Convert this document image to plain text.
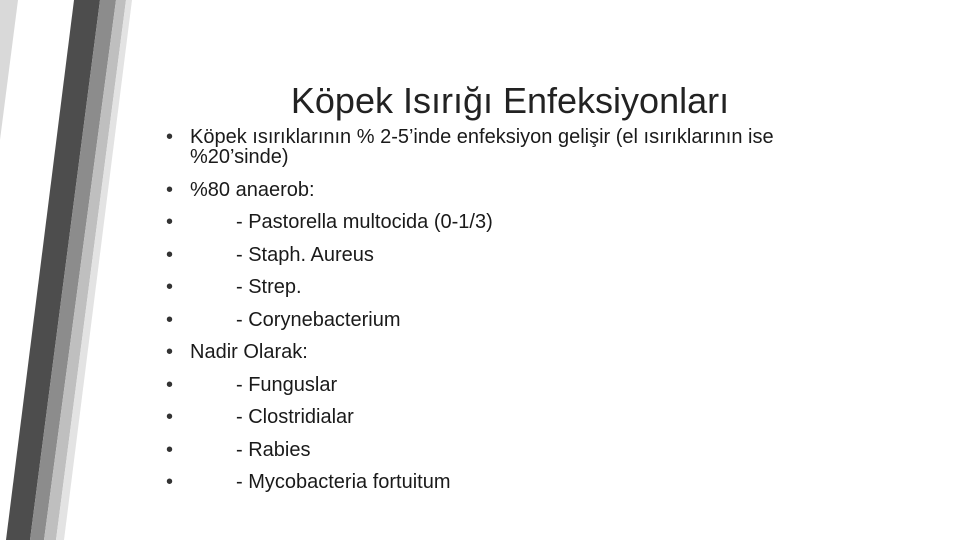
Köpek Isırığı Enfeksiyonları
• Köpek ısırıklarının % 2-5’inde enfeksiyon gelişir (el ısırıklarının ise %20’sinde)
• %80 anaerob:
•	- Pastorella multocida (0-1/3)
•	- Staph. Aureus
•	- Strep.
•	- Corynebacterium
• Nadir Olarak:
•	- Funguslar
•	- Clostridialar
•	- Rabies
•	- Mycobacteria fortuitum
